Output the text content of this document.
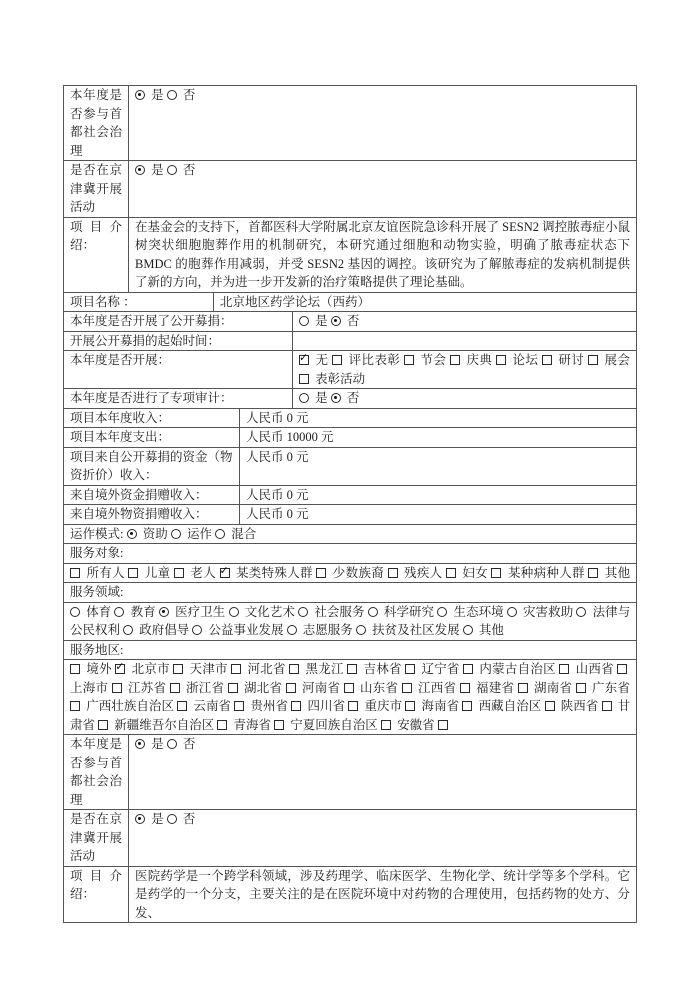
本年度是否参与首都社会治理
是 否
是否在京津冀开展活动
是 否
项 目 介 绍：
在基金会的支持下，首都医科大学附属北京友谊医院急诊科开展了 SESN2 调控脓毒症小鼠树突状细胞胞葬作用的机制研究，本研究通过细胞和动物实验，明确了脓毒症状态下 BMDC 的胞葬作用减弱，并受 SESN2 基因的调控。该研究为了解脓毒症的发病机制提供了新的方向，并为进一步开发新的治疗策略提供了理论基础。
项目名称 ：	北京地区药学论坛（西药）
本年度是否开展了公开募捐：	是 否
开展公开募捐的起始时间：
本年度是否开展： ✓	无 评比表彰 节会 庆典 论坛 研讨 展会  表彰活动
本年度是否进行了专项审计：	是 否
项目本年度收入：	人民币 0 元
项目本年度支出：	人民币 10000 元
项目来自公开募捐的资金（物资折价）收入：
人民币 0 元
来自境外资金捐赠收入：	人民币 0 元
来自境外物资捐赠收入：	人民币 0 元
运作模式: 资助 运作 混合
服务对象:
所有人 儿童 老人 ✓ 某类特殊人群 少数族裔 残疾人 妇女 某种病种人群 其他
服务领域:
体育 教育 医疗卫生 文化艺术 社会服务 科学研究 生态环境 灾害救助 法律与公民权利 政府倡导 公益事业发展 志愿服务 扶贫及社区发展 其他
服务地区:
境外 ✓ 北京市 天津市 河北省 黑龙江 吉林省 辽宁省 内蒙古自治区 山西省  上海市 江苏省 浙江省 湖北省 河南省 山东省 江西省 福建省 湖南省 广东省  广西壮族自治区 云南省 贵州省 四川省 重庆市 海南省 西藏自治区 陕西省 甘肃省 新疆维吾尔自治区 青海省 宁夏回族自治区 安徽省
本年度是否参与首都社会治理
是 否
是否在京津冀开展活动
是 否
项 目 介 绍：
医院药学是一个跨学科领域，涉及药理学、临床医学、生物化学、统计学等多个学科。它是药学的一个分支，主要关注的是在医院环境中对药物的合理使用，包括药物的处方、分发、
